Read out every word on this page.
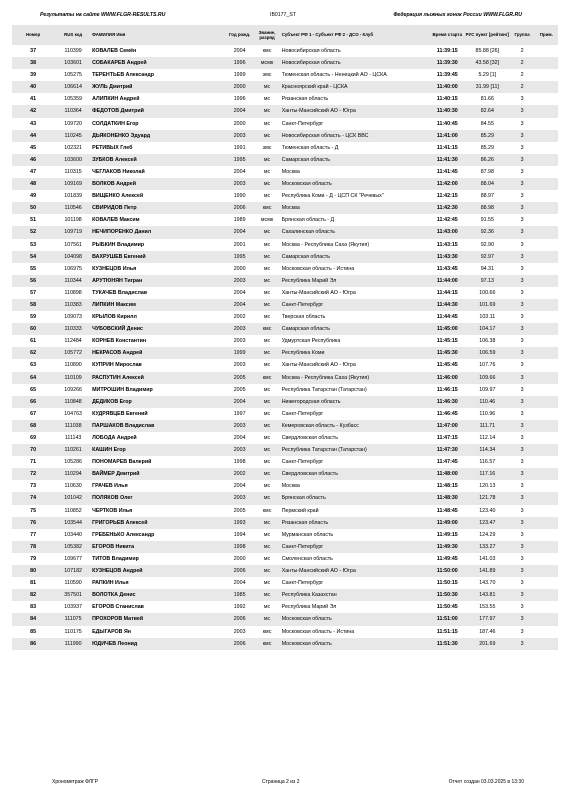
Результаты на сайте WWW.FLGR-RESULTS.RU	IB0177_ST	Федерация лыжных гонок России WWW.FLGR.RU
Номер	RUS код	ФАМИЛИЯ Имя	Год рожд.	Звание, разряд	Субъект РФ 1 - Субъект РФ 2 - ДСО - Клуб	Время старта	РУС пункт [рейтинг]	Группа	Прим.
37	110399	КОВАЛЕВ Семён	2004	кмс	Новосибирская область	11:39:15	85.88 [26]	2	
38	103601	СОБАКАРЕВ Андрей	1996	мсмк	Новосибирская область	11:39:30	43.58 [32]	2	
39	105275	ТЕРЕНТЬЕВ Александр	1999	змс	Тюменская область - Ненецкий АО - ЦСКА	11:39:45	5.29 [1]	2	
40	106614	ЖУЛЬ Дмитрий	2000	мс	Красноярский край - ЦСКА	11:40:00	31.99 [11]	2	
41	105359	АЛИПКИН Андрей	1996	мс	Рязанская область	11:40:15	81.66	3	
42	110364	ФЕДОТОВ Дмитрий	2004	мс	Ханты-Мансийский АО - Югра	11:40:30	82.64	3	
43	109720	СОЛДАТКИН Егор	2000	мс	Санкт-Петербург	11:40:45	84.55	3	
44	110245	ДЬЯКОНЕНКО Эдуард	2003	мс	Новосибирская область - ЦСК ВВС	11:41:00	85.29	3	
45	102321	РЕТИВЫХ Глеб	1991	змс	Тюменская область - Д	11:41:15	85.29	3	
46	103600	ЗУБКОВ Алексей	1995	мс	Самарская область	11:41:30	86.26	3	
47	110315	ЧЕГЛАКОВ Николай	2004	мс	Москва	11:41:45	87.98	3	
48	109169	ВОЛКОВ Андрей	2003	мс	Московская область	11:42:00	88.04	3	
49	101839	ВИЩЕНКО Алексей	1990	мс	Республика Коми - Д - ЦСП СК "Речевых"	11:42:15	88.97	3	
50	110546	СВИРИДОВ Петр	2006	кмс	Москва	11:42:30	88.98	3	
51	101198	КОВАЛЕВ Максим	1989	мсмк	Брянская область - Д	11:42:45	91.55	3	
52	109719	НЕЧИПОРЕНКО Данил	2004	мс	Сахалинская область	11:43:00	92.36	3	
53	107561	РЫБКИН Владимир	2001	мс	Москва - Республика Саха (Якутия)	11:43:15	92.90	3	
54	104098	ВАХРУШЕВ Евгений	1995	мс	Самарская область	11:43:30	92.97	3	
55	106975	КУЗНЕЦОВ Илья	2000	мс	Московская область - Истина	11:43:45	94.31	3	
56	110344	АРУТЮНЯН Тигран	2003	мс	Республика Марий Эл	11:44:00	97.13	3	
57	110898	ТУКАЧЕВ Владислав	2004	мс	Ханты-Мансийский АО - Югра	11:44:15	100.66	3	
58	110383	ЛИПКИН Максим	2004	мс	Санкт-Петербург	11:44:30	101.69	3	
59	109073	КРЫЛОВ Кирилл	2002	мс	Тверская область	11:44:45	103.11	3	
60	110333	ЧУБОВСКИЙ Денис	2003	кмс	Самарская область	11:45:00	104.17	3	
61	112484	КОРНЕВ Константин	2003	мс	Удмуртская Республика	11:45:15	106.38	3	
62	105772	НЕКРАСОВ Андрей	1999	мс	Республика Коми	11:45:30	106.59	3	
63	110890	КУПРИН Мирослав	2003	мс	Ханты-Мансийский АО - Югра	11:45:45	107.76	3	
64	110109	РАСПУТИН Алексей	2005	кмс	Москва - Республика Саха (Якутия)	11:46:00	109.66	3	
65	109266	МИТРОШИН Владимир	2005	мс	Республика Татарстан (Татарстан)	11:46:15	109.97	3	
66	110848	ДЕДИКОВ Егор	2004	мс	Нижегородская область	11:46:30	110.46	3	
67	104763	КУДРЯВЦЕВ Евгений	1997	мс	Санкт-Петербург	11:46:45	110.96	3	
68	111038	ПАРШАКОВ Владислав	2003	мс	Кемеровская область - Кузбасс	11:47:00	111.71	3	
69	111143	ЛОБОДА Андрей	2004	мс	Свердловская область	11:47:15	112.14	3	
70	110261	КАШИН Егор	2003	мс	Республика Татарстан (Татарстан)	11:47:30	114.34	3	
71	105286	ПОНОМАРЕВ Валерий	1998	мс	Санкт-Петербург	11:47:45	116.57	3	
72	110294	ВАЙМЕР Дмитрий	2002	мс	Свердловская область	11:48:00	117.16	3	
73	110630	ГРАЧЕВ Илья	2004	мс	Москва	11:48:15	120.13	3	
74	101042	ПОЛЯКОВ Олег	2003	мс	Брянская область	11:48:30	121.78	3	
75	110852	ЧЕРТКОВ Илья	2005	кмс	Пермский край	11:48:45	123.40	3	
76	103544	ГРИГОРЬЕВ Алексей	1993	мс	Рязанская область	11:49:00	123.47	3	
77	103440	ГРЕБЕНЬКО Александр	1994	мс	Мурманская область	11:49:15	124.29	3	
78	105382	ЕГОРОВ Никита	1998	мс	Санкт-Петербург	11:49:30	133.27	3	
79	109677	ТИТОВ Владимир	2000	мс	Смоленская область	11:49:45	141.03	3	
80	107182	КУЗНЕЦОВ Андрей	2006	мс	Ханты-Мансийский АО - Югра	11:50:00	141.89	3	
81	110590	РАПКИН Илья	2004	мс	Санкт-Петербург	11:50:15	143.70	3	
82	357501	ВОЛОТКА Денис	1985	мс	Республика Казахстан	11:50:30	143.81	3	
83	103937	ЕГОРОВ Станислав	1992	мс	Республика Марий Эл	11:50:45	153.55	3	
84	111075	ПРОХОРОВ Матвей	2006	мс	Московская область	11:51:00	177.97	3	
85	110175	ЕДЫГАРОВ Ян	2003	кмс	Московская область - Истина	11:51:15	187.46	3	
86	111990	ЮДИЧЕВ Леонид	2006	кмс	Московская область	11:51:30	201.69	3	
Хронометраж ФЛГР	Страница 2 из 2	Отчет создан 03.03.2025 в 13:30
